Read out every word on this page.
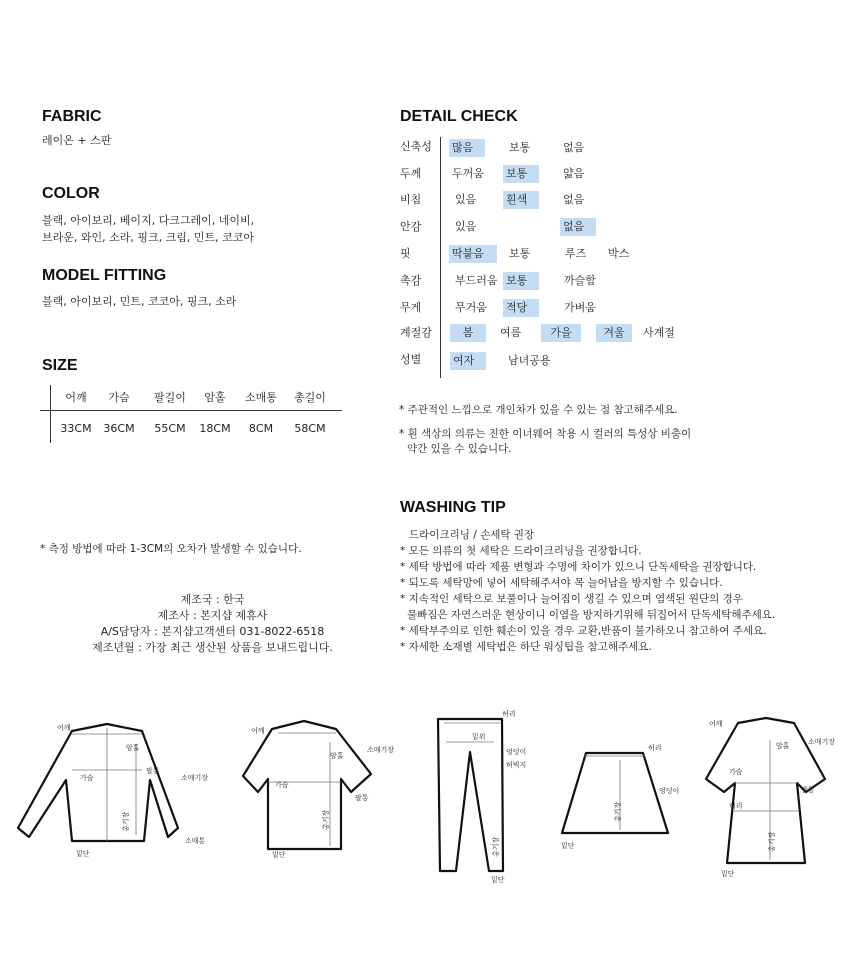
FABRIC
레이온 + 스판
COLOR
블랙, 아이보리, 베이지, 다크그레이, 네이비,
브라운, 와인, 소라, 핑크, 크림, 민트, 코코아
MODEL FITTING
블랙, 아이보리, 민트, 코코아, 핑크, 소라
SIZE
어깨	가슴	팔길이	암홀	소매통	총길이
33CM 36CM	55CM	18CM	8CM	58CM
* 측정 방법에 따라 1-3CM의 오차가 발생할 수 있습니다.
제조국 : 한국
제조사 : 본지샵 제휴사
A/S담당자 : 본지샵고객센터 031-8022-6518
제조년월 : 가장 최근 생산된 상품을 보내드립니다.
DETAIL CHECK
신축성 많음	보통	없음
두께	두꺼움 보통	얇음
비침	있음	흰색	없음
안감	있음	없음
핏	딱붙음	보통	루즈 박스
촉감	부드러움 보통	까슬함
무게	무거움 적당	가벼움
계절감	봄	여름	가을	겨울	사계절
성별	여자	남녀공용
* 주관적인 느낌으로 개인차가 있을 수 있는 점 참고해주세요.
* 흰 색상의 의류는 진한 이너웨어 착용 시 컬러의 특성상 비춤이
약간 있을 수 있습니다.
WASHING TIP
드라이크리닝 / 손세탁 권장
* 모든 의류의 첫 세탁은 드라이크리닝을 권장합니다.
* 세탁 방법에 따라 제품 변형과 수명에 차이가 있으니 단독세탁을 권장합니다.
* 되도록 세탁망에 넣어 세탁해주셔야 목 늘어남을 방지할 수 있습니다.
* 지속적인 세탁으로 보풀이나 늘어짐이 생길 수 있으며 염색된 원단의 경우
물빠짐은 자연스러운 현상이니 이염을 방지하기위해 뒤집어서 단독세탁해주세요.
* 세탁부주의로 인한 훼손이 있을 경우 교환,반품이 불가하오니 참고하여 주세요.
* 자세한 소재별 세탁법은 하단 워싱팁을 참고해주세요.
어깨
암홀
가슴
팔통
소매기장
총기장
밑단
소매통
어깨
암홀
소매기장
가슴
팔통
총기장
밑단
허리
밑위
엉덩이
허벅지
총기장
밑단
허리
엉덩이
총기장
밑단
어깨
소매기장
암홀
가슴
팔통
허리
총기장
밑단
